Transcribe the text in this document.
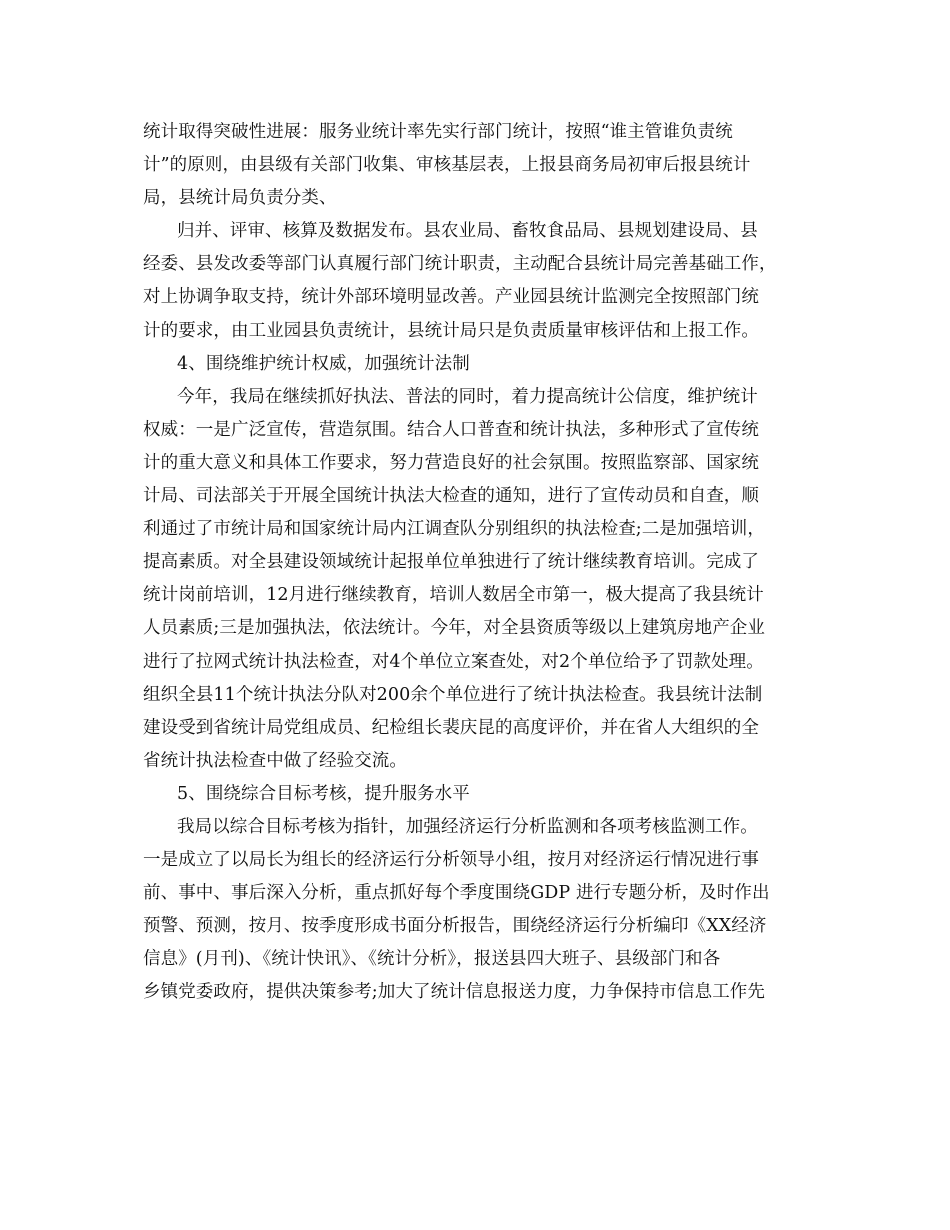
统计取得突破性进展：服务业统计率先实行部门统计，按照“谁主管谁负责统
计”的原则，由县级有关部门收集、审核基层表，上报县商务局初审后报县统计
局，县统计局负责分类、
归并、评审、核算及数据发布。县农业局、畜牧食品局、县规划建设局、县
经委、县发改委等部门认真履行部门统计职责，主动配合县统计局完善基础工作，
对上协调争取支持，统计外部环境明显改善。产业园县统计监测完全按照部门统
计的要求，由工业园县负责统计，县统计局只是负责质量审核评估和上报工作。
4、围绕维护统计权威，加强统计法制
今年，我局在继续抓好执法、普法的同时，着力提高统计公信度，维护统计
权威：一是广泛宣传，营造氛围。结合人口普查和统计执法，多种形式了宣传统
计的重大意义和具体工作要求，努力营造良好的社会氛围。按照监察部、国家统
计局、司法部关于开展全国统计执法大检查的通知，进行了宣传动员和自查，顺
利通过了市统计局和国家统计局内江调查队分别组织的执法检查;二是加强培训，
提高素质。对全县建设领域统计起报单位单独进行了统计继续教育培训。完成了
统计岗前培训，12月进行继续教育，培训人数居全市第一，极大提高了我县统计
人员素质;三是加强执法，依法统计。今年，对全县资质等级以上建筑房地产企业
进行了拉网式统计执法检查，对4个单位立案查处，对2个单位给予了罚款处理。
组织全县11个统计执法分队对200余个单位进行了统计执法检查。我县统计法制
建设受到省统计局党组成员、纪检组长裴庆昆的高度评价，并在省人大组织的全
省统计执法检查中做了经验交流。
5、围绕综合目标考核，提升服务水平
我局以综合目标考核为指针，加强经济运行分析监测和各项考核监测工作。
一是成立了以局长为组长的经济运行分析领导小组，按月对经济运行情况进行事
前、事中、事后深入分析，重点抓好每个季度围绕GDP 进行专题分析，及时作出
预警、预测，按月、按季度形成书面分析报告，围绕经济运行分析编印《XX经济
信息》(月刊)、《统计快讯》、《统计分析》，报送县四大班子、县级部门和各
乡镇党委政府，提供决策参考;加大了统计信息报送力度，力争保持市信息工作先
